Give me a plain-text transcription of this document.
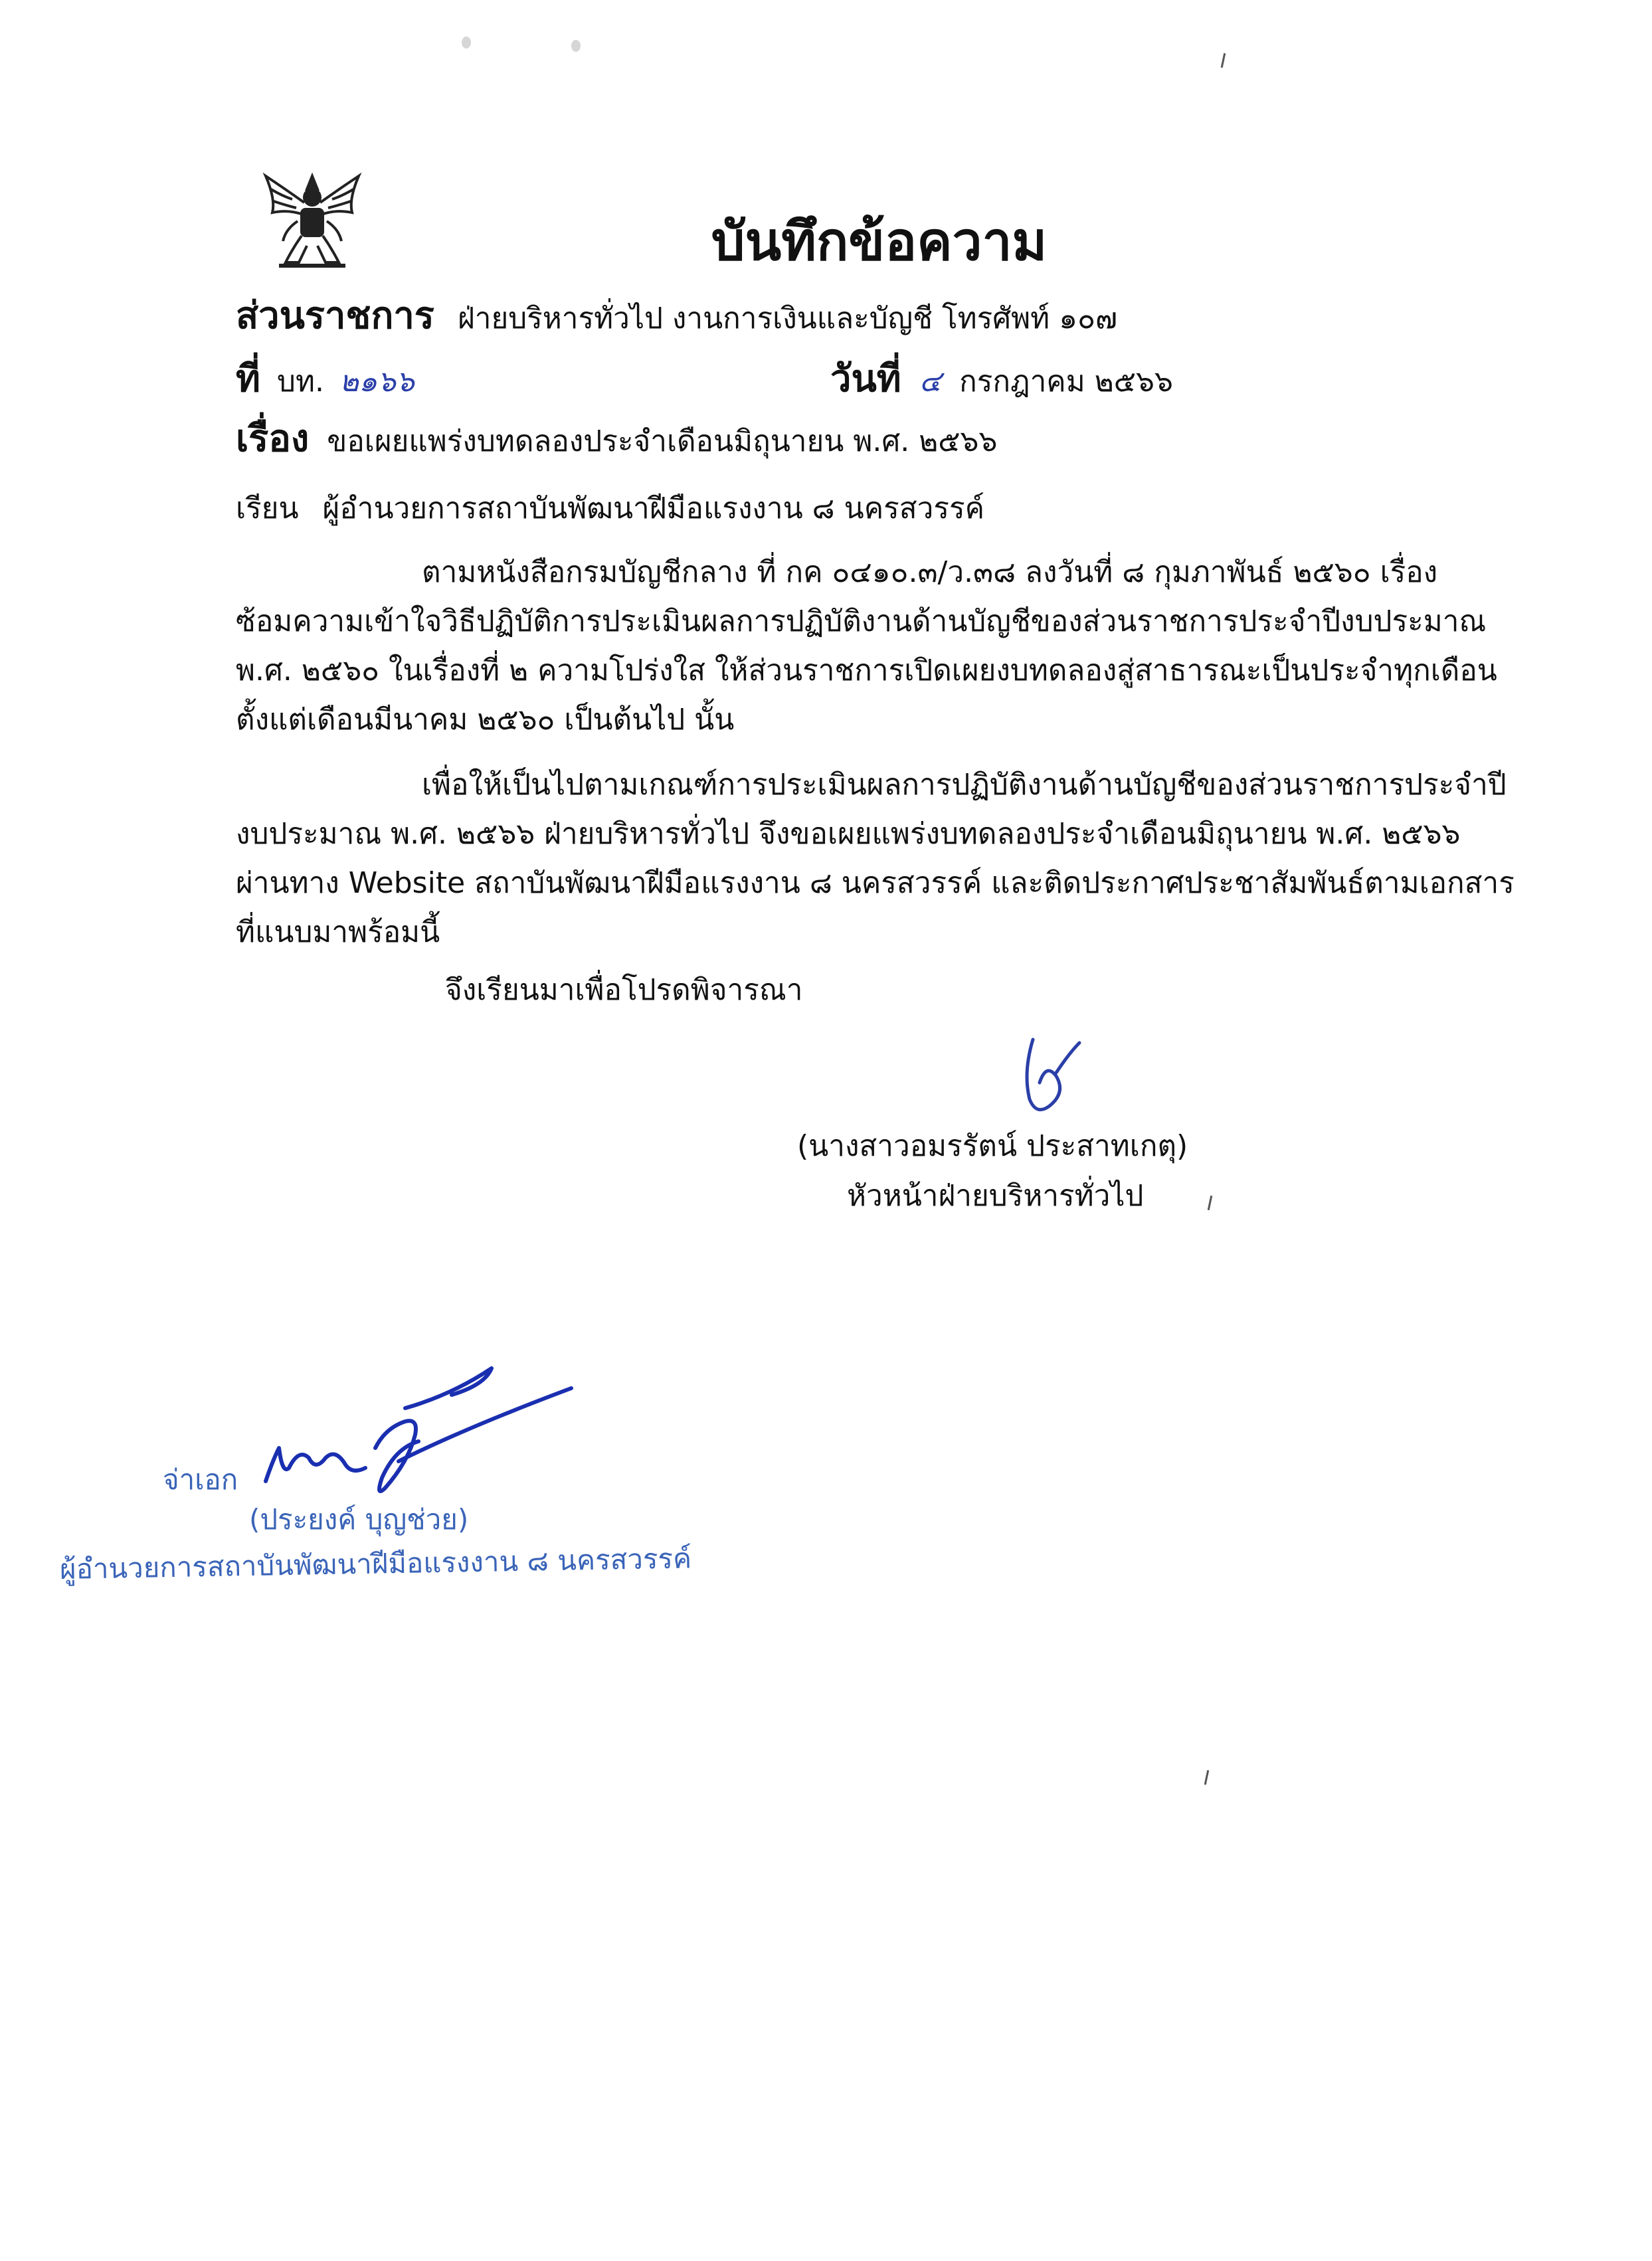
บันทึกข้อความ
ส่วนราชการ ฝ่ายบริหารทั่วไป งานการเงินและบัญชี โทรศัพท์ ๑๐๗
ที่ บท. ๒๑๖๖	วันที่ ๔ กรกฎาคม ๒๕๖๖
เรื่อง ขอเผยแพร่งบทดลองประจำเดือนมิถุนายน พ.ศ. ๒๕๖๖
เรียน ผู้อำนวยการสถาบันพัฒนาฝีมือแรงงาน ๘ นครสวรรค์
ตามหนังสือกรมบัญชีกลาง ที่ กค ๐๔๑๐.๓/ว.๓๘ ลงวันที่ ๘ กุมภาพันธ์ ๒๕๖๐ เรื่อง
ซ้อมความเข้าใจวิธีปฏิบัติการประเมินผลการปฏิบัติงานด้านบัญชีของส่วนราชการประจำปีงบประมาณ
พ.ศ. ๒๕๖๐ ในเรื่องที่ ๒ ความโปร่งใส ให้ส่วนราชการเปิดเผยงบทดลองสู่สาธารณะเป็นประจำทุกเดือน
ตั้งแต่เดือนมีนาคม ๒๕๖๐ เป็นต้นไป นั้น
เพื่อให้เป็นไปตามเกณฑ์การประเมินผลการปฏิบัติงานด้านบัญชีของส่วนราชการประจำปี
งบประมาณ พ.ศ. ๒๕๖๖ ฝ่ายบริหารทั่วไป จึงขอเผยแพร่งบทดลองประจำเดือนมิถุนายน พ.ศ. ๒๕๖๖
ผ่านทาง Website สถาบันพัฒนาฝีมือแรงงาน ๘ นครสวรรค์ และติดประกาศประชาสัมพันธ์ตามเอกสาร
ที่แนบมาพร้อมนี้
จึงเรียนมาเพื่อโปรดพิจารณา
(นางสาวอมรรัตน์ ประสาทเกตุ)
หัวหน้าฝ่ายบริหารทั่วไป
จ่าเอก
(ประยงค์ บุญช่วย)
ผู้อำนวยการสถาบันพัฒนาฝีมือแรงงาน ๘ นครสวรรค์
